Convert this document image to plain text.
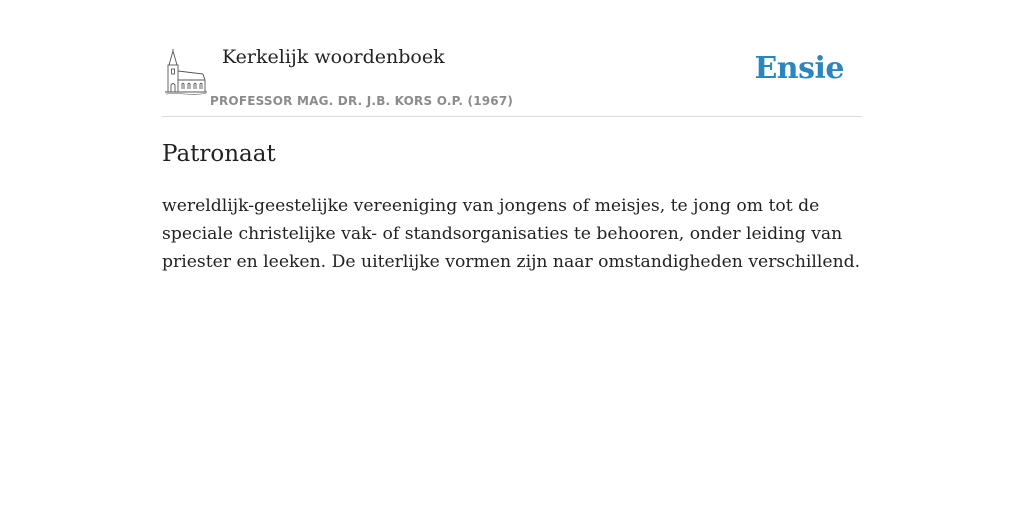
Kerkelijk woordenboek
PROFESSOR MAG. DR. J.B. KORS O.P. (1967)
Ensie
Patronaat

wereldlijk-geestelijke vereeniging van jongens of meisjes, te jong om tot de speciale christelijke vak- of standsorganisaties te behooren, onder leiding van priester en leeken. De uiterlijke vormen zijn naar omstandigheden verschillend.
